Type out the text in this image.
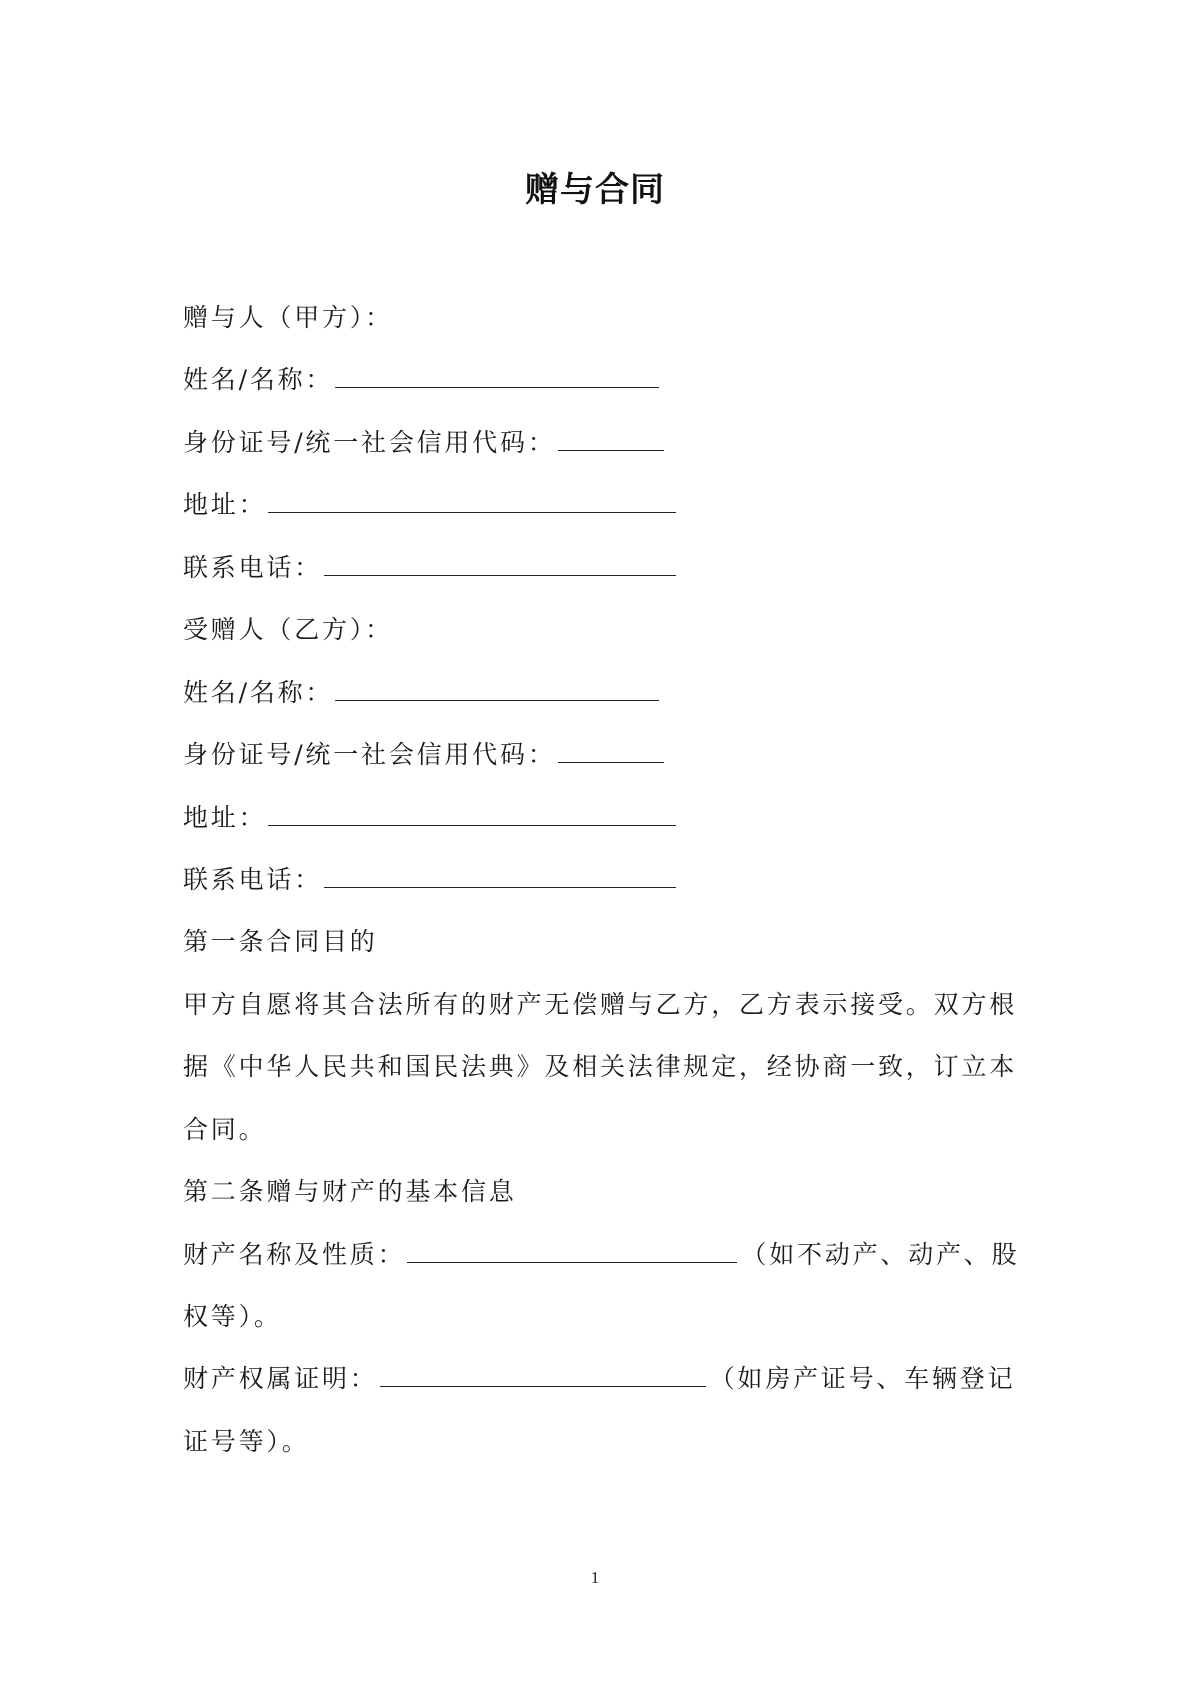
赠与合同
赠与人（甲方）：
姓名/名称：
身份证号/统一社会信用代码：
地址：
联系电话：
受赠人（乙方）：
姓名/名称：
身份证号/统一社会信用代码：
地址：
联系电话：
第一条合同目的
甲方自愿将其合法所有的财产无偿赠与乙方，乙方表示接受。双方根
据《中华人民共和国民法典》及相关法律规定，经协商一致，订立本
合同。
第二条赠与财产的基本信息
财产名称及性质：	（如不动产、动产、股
权等）。
财产权属证明：	（如房产证号、车辆登记
证号等）。
1
